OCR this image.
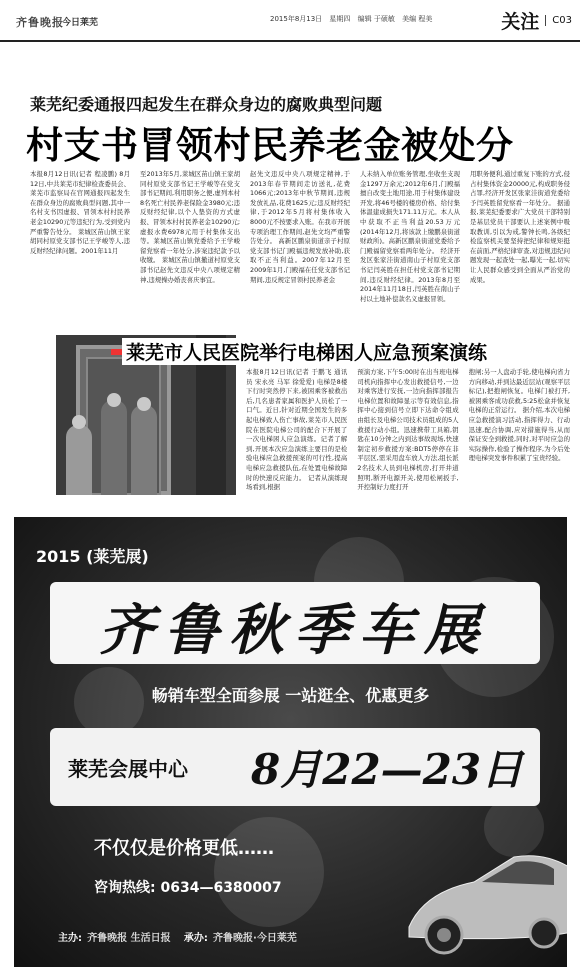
齐鲁晚报
今日莱芜	2015年8月13日 星期四 编辑 于硕敏 美编 程美	关注	C03
莱芜纪委通报四起发生在群众身边的腐败典型问题
村支书冒领村民养老金被处分
本报8月12日讯(记者 程凌鹏) 8月12日,中共莱芜市纪律检查委员会、莱芜市监察局在官网通报四起发生在群众身边的腐败典型问题,其中一名村支书因虚报、冒领本村村民养老金10290元等违纪行为,受到党内严重警告处分。 莱城区苗山镇王家胡同村原党支部书记王学峻等人,违反财经纪律问题。2001年11月
至2013年5月,莱城区苗山镇王家胡同村原党支部书记王学峻等在党支部书记期间,利用职务之便,虚列本村8名死亡村民养老保险金3980元;违反财经纪律,以个人垫资的方式虚报、冒领本村村民养老金10290元;虚报水费6978元用于村集体支出等。莱城区苗山镇党委给予王学峻留党察看一年处分,涉案违纪款予以收缴。 莱城区苗山镇撤道村原党支部书记赵先文违反中央八项规定精神,违规操办婚丧喜庆事宜。
赵先文违反中央八项规定精神,于2013年春节期间走访送礼,花费1066元;2013年中秋节期间,违规发放礼品,花费1625元;违反财经纪律,于2012年5月将村集体收入8000元不按要求入账。在我市开展专项治理工作期间,赵先文均严重警告处分。 高新区鹏泉街道亲子村原党支部书记门殿福违规发放补助,获取不正当利益。2007年12月至2009年1月,门殿福在任党支部书记期间,违反规定冒领村民养老金
人未纳入单位账务管理,坐收坐支现金1297万余元;2012年6月,门殿福擅自改变土地用途,用于村集体建设开发,将46号楼的楼房价格、给付集体温建成损失171.11万元。本人从中获取不正当利益20.53万元(2014年12月,将该款上缴鹏泉街道财政所)。高新区鹏泉街道党委给予门殿福留党察看两年处分。 经济开发区张家洼街道南山子村原党支部书记闫英胜在担任村党支部书记期间,违反财经纪律。2013年8月至2014年11月18日,闫英胜在南山子村以土地补偿款名义虚报冒领。
用职务便利,通过重复下账的方式,侵占村集体资金20000元,构成职务侵占罪,经济开发区张家洼街道党委给予闫英胜留党察看一年处分。 据通报,莱芜纪委要求广大党员干部特别是基层党员干部要认上述案例中吸取教训,引以为戒,警钟长鸣,各级纪检监察机关要坚持把纪律和规矩挺在前面,严格纪律审查,对违规违纪问题发现一起查处一起,曝光一起,切实让人民群众感受到全面从严治党的成果。
莱芜市人民医院举行电梯困人应急预案演练
本报8月12日讯(记者 于鹏飞 通讯员 宋永亮 马军 徐爱爱) 电梯是8楼下行时突然停下来,被困乘客被救出后,几名患者家属和医护人员松了一口气。近日,针对近期全国发生的多起电梯致人伤亡事故,莱芜市人民医院在医院电梯公司的配合下开展了一次电梯困人应急演练。记者了解到,开展本次应急演练主要目的是检验电梯应急救援预案的可行性,提高电梯应急救援队伍,在处置电梯故障时的快速反应能力。 记者从演练现场看到,根据
预演方案,下午5:00时在出当班电梯司机向指挥中心发出救援信号,一边对乘客进行安抚,一边向指挥部报告电梯位置和故障显示等有效信息,指挥中心接到信号立即下达命令组成由组长及电梯公司技术员组成的5人救援行动小组。迅速携带工具箱,钥匙在10分钟之内到达事故现场,快速制定初步救援方案:BDT5停停在非平层区,需采用盘车放人方法,组长派2名技术人员到电梯机房,打开井道照明,断开电源开关,使用松闸扳手,开控制好力度打开
抱闸;另一人盘动手轮,使电梯向省力方向移动,并到达最近层站(观察平层标记),把抱闸恢复。电梯门被打开,被困乘客成功获救,5:25松盒并恢复电梯的正常运行。 据介绍,本次电梯应急救援演习活动,指挥得力、行动迅速,配合协调,应对措施得当,从而保证安全到救援,同时,对平时应急的实际操作,检验了操作程序,为今后处理电梯突发事件积累了宝贵经验。
2015 (莱芜展)
齐鲁秋季车展
畅销车型全面参展 一站逛全、优惠更多
莱芜会展中心 8月22—23日
不仅仅是价格更低……
咨询热线: 0634—6380007
主办: 齐鲁晚报 生活日报 承办: 齐鲁晚报·今日莱芜
